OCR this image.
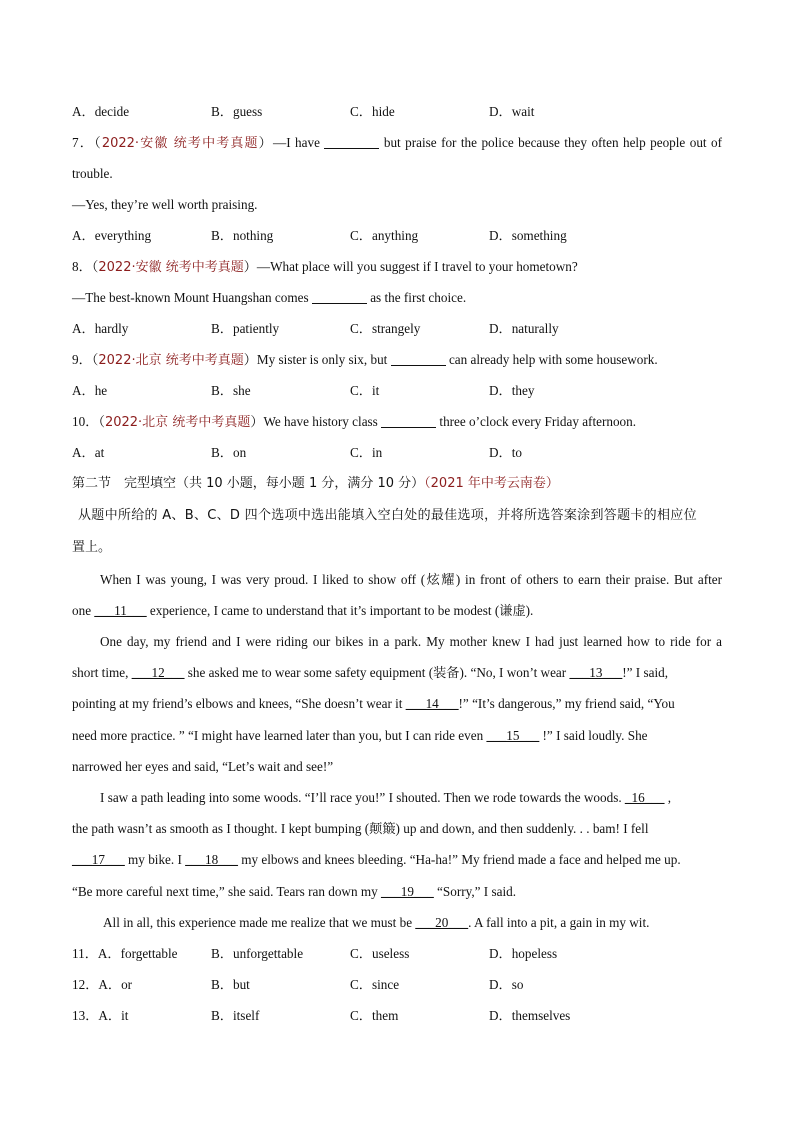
A．decide	B．guess	C．hide	D．wait
7．（2022·安徽 统考中考真题）—I have	but praise for the police because they often help people out of
trouble.
—Yes, they’re well worth praising.
A．everything	B．nothing	C．anything	D．something
8．（2022·安徽 统考中考真题）—What place will you suggest if I travel to your hometown?
—The best-known Mount Huangshan comes	as the first choice.
A．hardly	B．patiently	C．strangely	D．naturally
9．（2022·北京 统考中考真题）My sister is only six, but	can already help with some housework.
A．he	B．she	C．it	D．they
10．（2022·北京 统考中考真题）We have history class	three o’clock every Friday afternoon.
A．at	B．on	C．in	D．to
第二节　完型填空（共 10 小题，每小题 1 分，满分 10 分）（2021 年中考云南卷）
从题中所给的 A、B、C、D 四个选项中选出能填入空白处的最佳选项，并将所选答案涂到答题卡的相应位
置上。
When I was young, I was very proud. I liked to show off (炫耀) in front of others to earn their praise. But after
one ___11___ experience, I came to understand that it’s important to be modest (谦虚).
One day, my friend and I were riding our bikes in a park. My mother knew I had just learned how to ride for a
short time, ___12___ she asked me to wear some safety equipment (装备). “No, I won’t wear ___13___!” I said,
pointing at my friend’s elbows and knees, “She doesn’t wear it ___14___!” “It’s dangerous,” my friend said, “You
need more practice. ” “I might have learned later than you, but I can ride even ___15___ !” I said loudly. She
narrowed her eyes and said, “Let’s wait and see!”
I saw a path leading into some woods. “I’ll race you!” I shouted. Then we rode towards the woods. _16___ ,
the path wasn’t as smooth as I thought. I kept bumping (颠簸) up and down, and then suddenly. . . bam! I fell
___17___ my bike. I ___18___ my elbows and knees bleeding. “Ha-ha!” My friend made a face and helped me up.
“Be more careful next time,” she said. Tears ran down my ___19___ “Sorry,” I said.
All in all, this experience made me realize that we must be ___20___. A fall into a pit, a gain in my wit.
11．A．forgettable	B．unforgettable	C．useless	D．hopeless
12．A．or	B．but	C．since	D．so
13．A．it	B．itself	C．them	D．themselves
